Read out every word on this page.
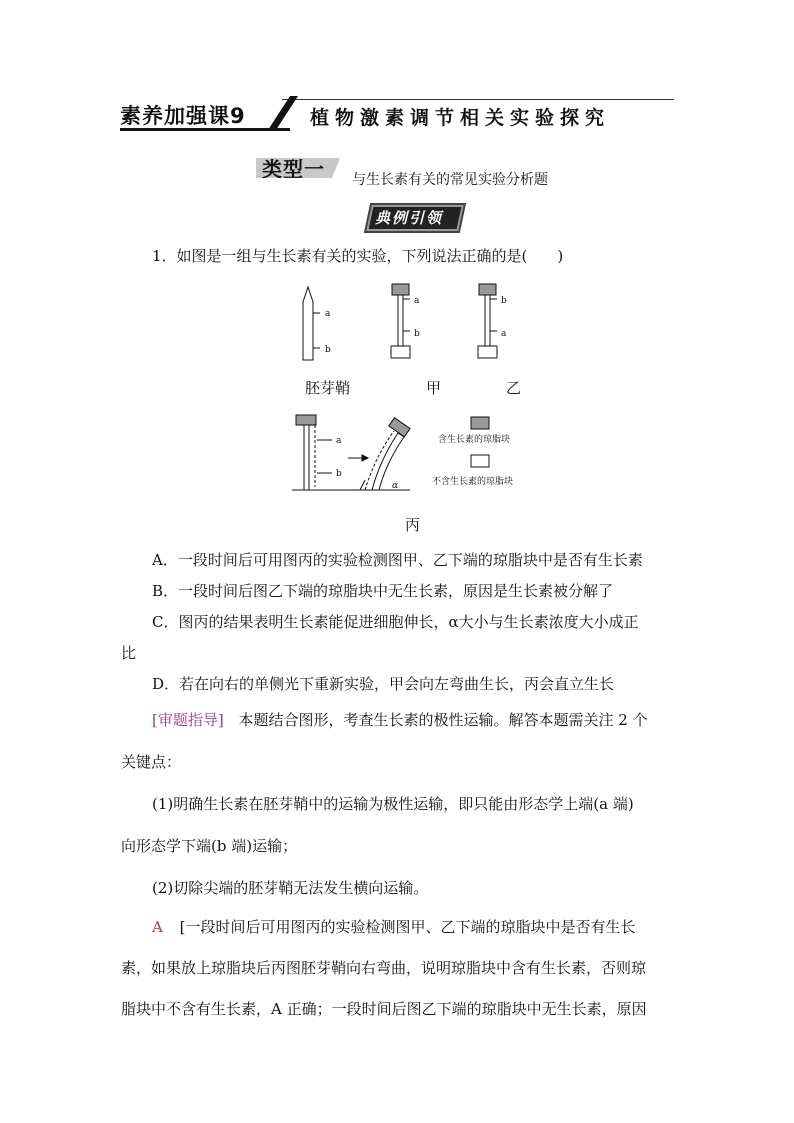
素养加强课9	植物激素调节相关实验探究
类型一 与生长素有关的常见实验分析题
典例引领
1．如图是一组与生长素有关的实验，下列说法正确的是(　　)
a
b
a
b
b
a
a
b
α
含生长素的琼脂块
不含生长素的琼脂块
胚芽鞘	甲	乙
丙
A．一段时间后可用图丙的实验检测图甲、乙下端的琼脂块中是否有生长素
B．一段时间后图乙下端的琼脂块中无生长素，原因是生长素被分解了
C．图丙的结果表明生长素能促进细胞伸长，α大小与生长素浓度大小成正
比
D．若在向右的单侧光下重新实验，甲会向左弯曲生长，丙会直立生长
[审题指导] 本题结合图形，考查生长素的极性运输。解答本题需关注 2 个
关键点：
(1)明确生长素在胚芽鞘中的运输为极性运输，即只能由形态学上端(a 端)
向形态学下端(b 端)运输；
(2)切除尖端的胚芽鞘无法发生横向运输。
A [一段时间后可用图丙的实验检测图甲、乙下端的琼脂块中是否有生长
素，如果放上琼脂块后丙图胚芽鞘向右弯曲，说明琼脂块中含有生长素，否则琼
脂块中不含有生长素，A 正确；一段时间后图乙下端的琼脂块中无生长素，原因
